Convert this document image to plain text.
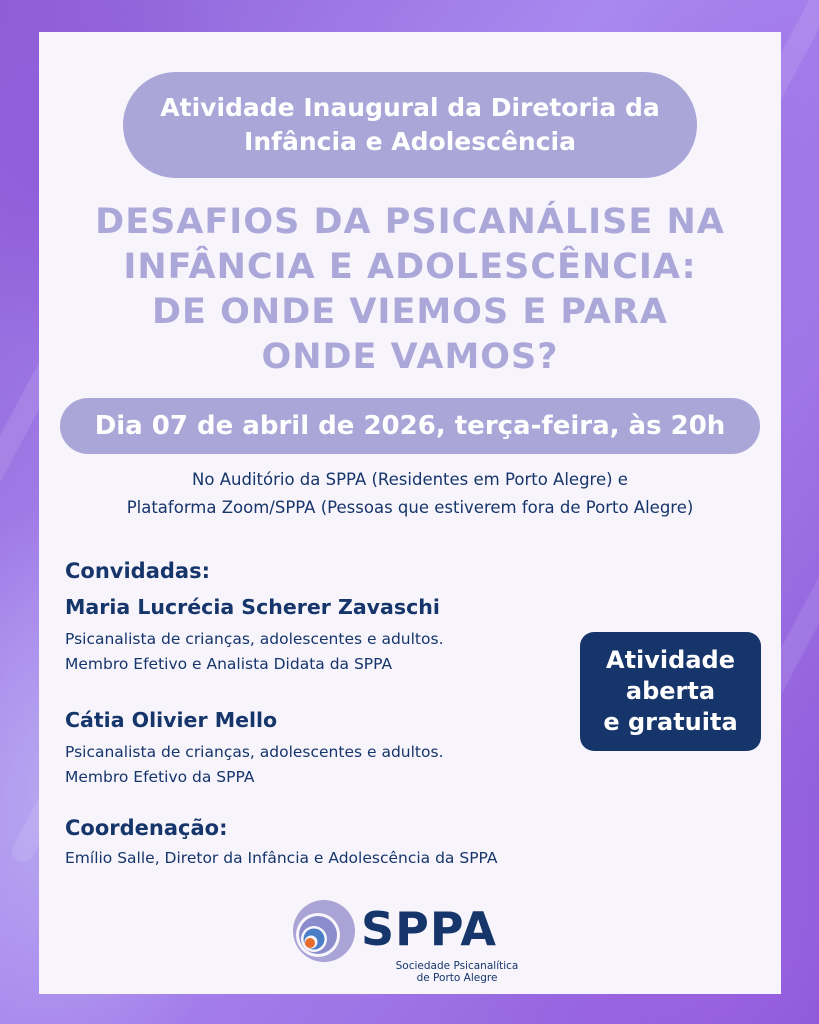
Atividade Inaugural da Diretoria da Infância e Adolescência
DESAFIOS DA PSICANÁLISE NA
INFÂNCIA E ADOLESCÊNCIA:
DE ONDE VIEMOS E PARA
ONDE VAMOS?
Dia 07 de abril de 2026, terça-feira, às 20h
No Auditório da SPPA (Residentes em Porto Alegre) e
Plataforma Zoom/SPPA (Pessoas que estiverem fora de Porto Alegre)
Convidadas:
Maria Lucrécia Scherer Zavaschi
Psicanalista de crianças, adolescentes e adultos.
Membro Efetivo e Analista Didata da SPPA
Cátia Olivier Mello
Psicanalista de crianças, adolescentes e adultos.
Membro Efetivo da SPPA
Coordenação:
Emílio Salle, Diretor da Infância e Adolescência da SPPA
Atividade
aberta
e gratuita
SPPA
Sociedade Psicanalítica
de Porto Alegre
